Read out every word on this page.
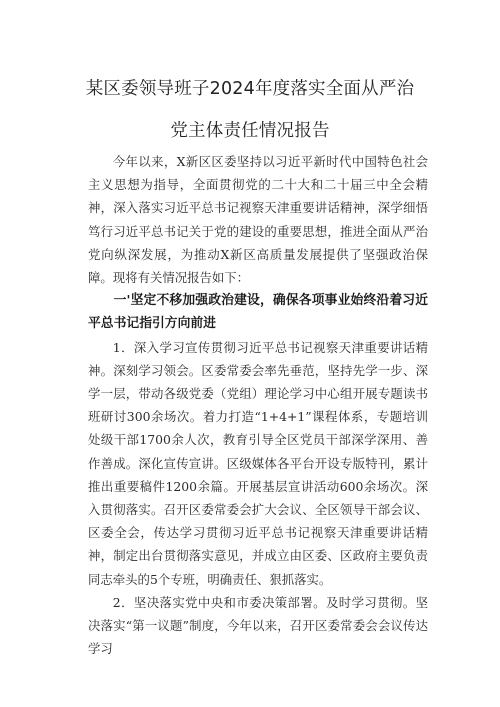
某区委领导班子2024年度落实全面从严治
党主体责任情况报告

今年以来，X新区区委坚持以习近平新时代中国特色社会主义思想为指导，全面贯彻党的二十大和二十届三中全会精神，深入落实习近平总书记视察天津重要讲话精神，深学细悟笃行习近平总书记关于党的建设的重要思想，推进全面从严治党向纵深发展，为推动X新区高质量发展提供了坚强政治保障。现将有关情况报告如下：

一'坚定不移加强政治建设，确保各项事业始终沿着习近平总书记指引方向前进

1．深入学习宣传贯彻习近平总书记视察天津重要讲话精神。深刻学习领会。区委常委会率先垂范，坚持先学一步、深学一层，带动各级党委（党组）理论学习中心组开展专题读书班研讨300余场次。着力打造“1+4+1”课程体系，专题培训处级干部1700余人次，教育引导全区党员干部深学深用、善作善成。深化宣传宣讲。区级媒体各平台开设专版特刊，累计推出重要稿件1200余篇。开展基层宣讲活动600余场次。深入贯彻落实。召开区委常委会扩大会议、全区领导干部会议、区委全会，传达学习贯彻习近平总书记视察天津重要讲话精神，制定出台贯彻落实意见，并成立由区委、区政府主要负责同志牵头的5个专班，明确责任、狠抓落实。

2．坚决落实党中央和市委决策部署。及时学习贯彻。坚决落实“第一议题”制度，今年以来，召开区委常委会会议传达学习
